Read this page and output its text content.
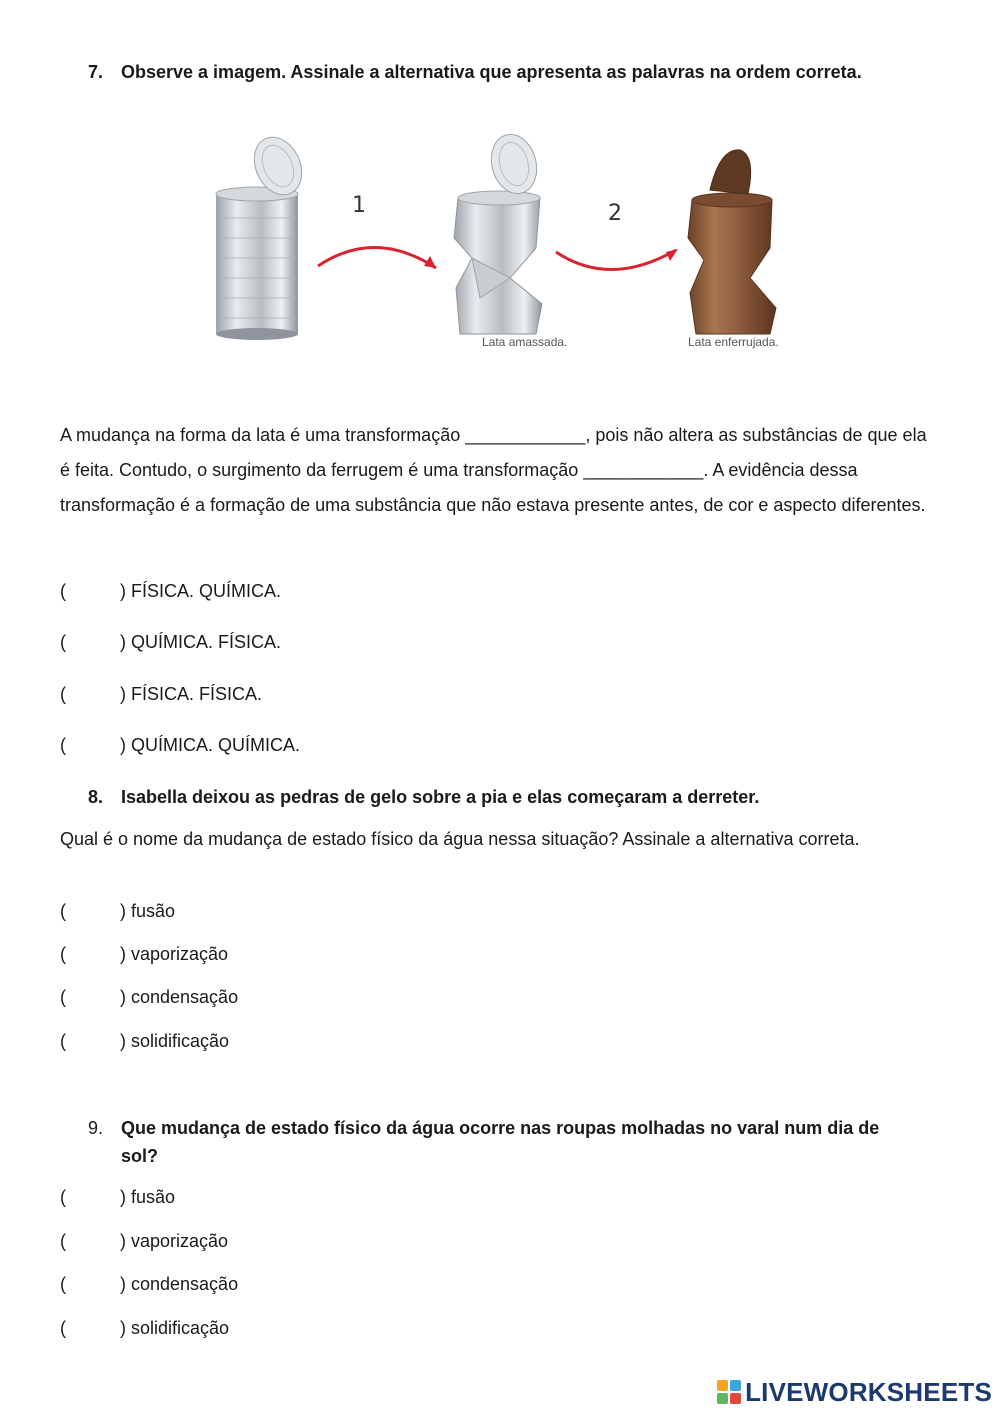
7. Observe a imagem. Assinale a alternativa que apresenta as palavras na ordem correta.
1
Lata amassada.
2
Lata enferrujada.
A mudança na forma da lata é uma transformação ____________, pois não altera as substâncias de que ela é feita. Contudo, o surgimento da ferrugem é uma transformação ____________. A evidência dessa transformação é a formação de uma substância que não estava presente antes, de cor e aspecto diferentes.
(	) FÍSICA. QUÍMICA.
(	) QUÍMICA. FÍSICA.
(	) FÍSICA. FÍSICA.
(	) QUÍMICA. QUÍMICA.
8. Isabella deixou as pedras de gelo sobre a pia e elas começaram a derreter.
Qual é o nome da mudança de estado físico da água nessa situação? Assinale a alternativa correta.
(	) fusão
(	) vaporização
(	) condensação
(	) solidificação
9. Que mudança de estado físico da água ocorre nas roupas molhadas no varal num dia de sol?
(	) fusão
(	) vaporização
(	) condensação
(	) solidificação
LIVEWORKSHEETS
